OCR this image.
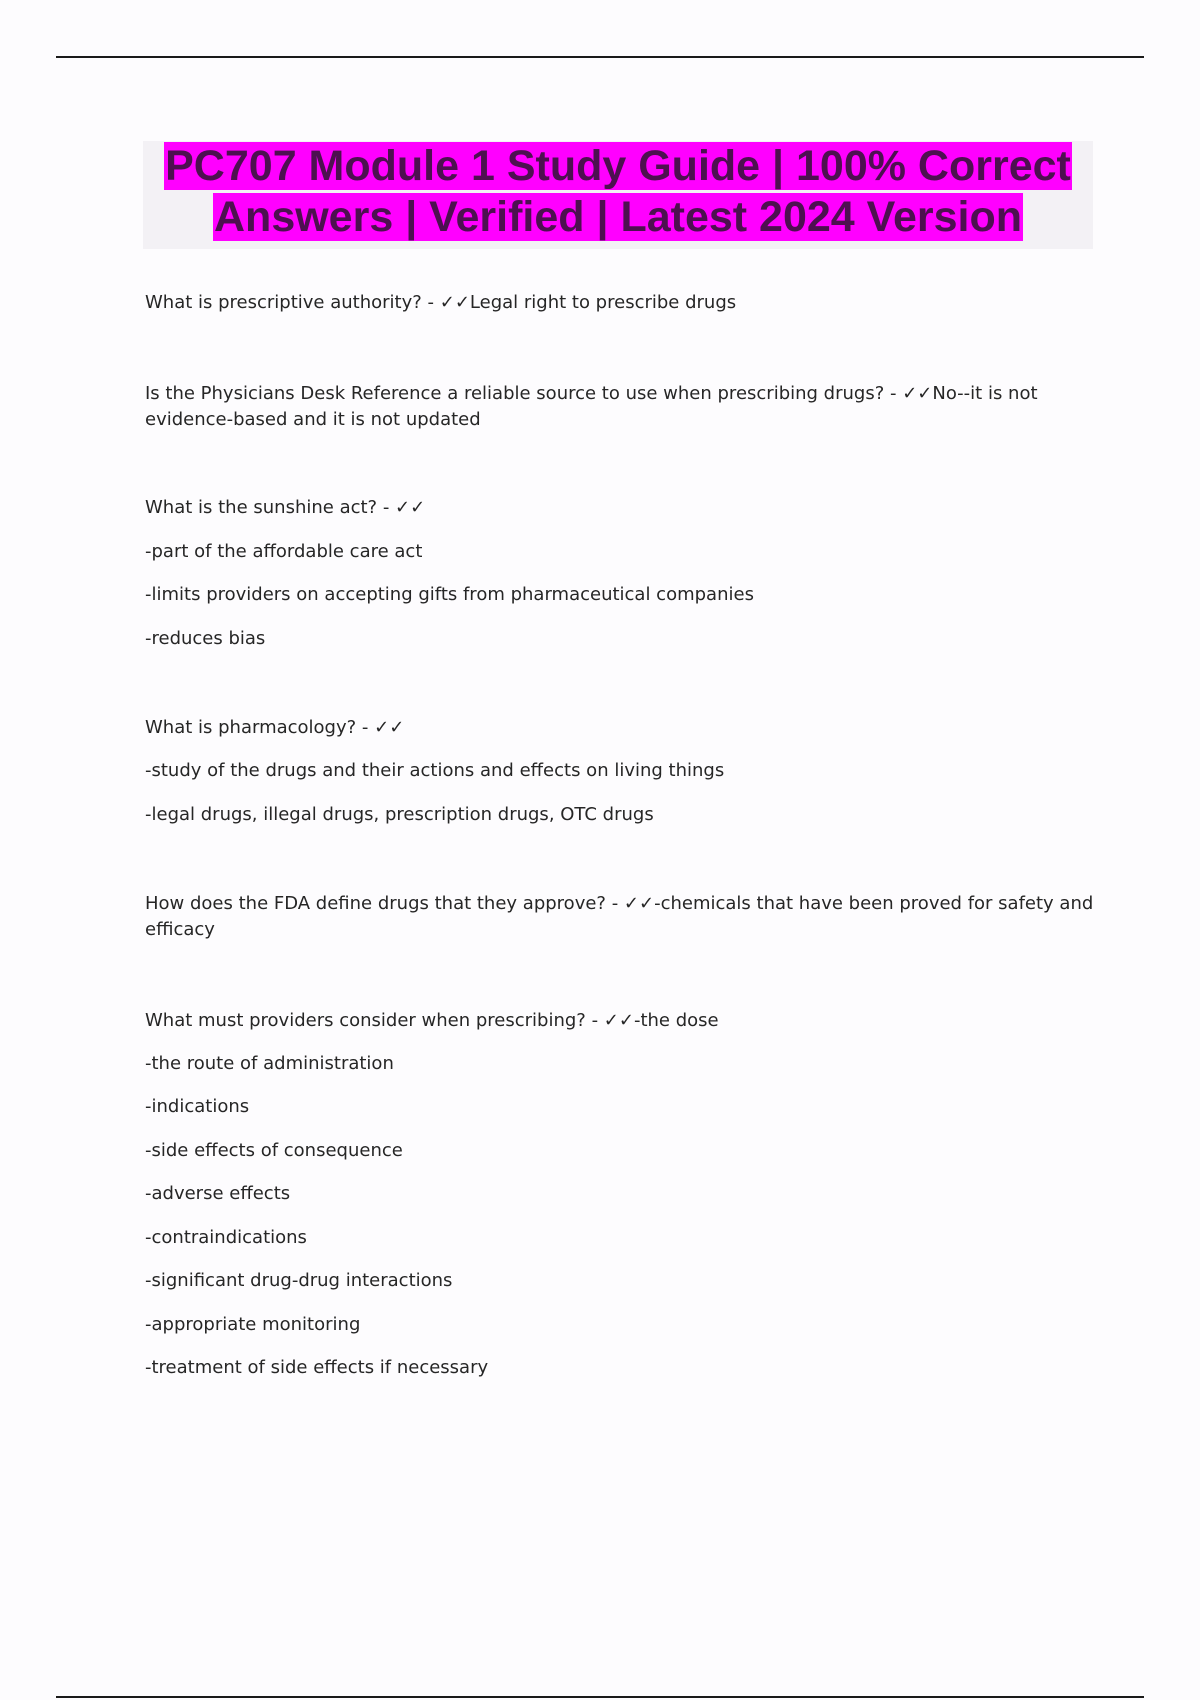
PC707 Module 1 Study Guide | 100% Correct
Answers | Verified | Latest 2024 Version
What is prescriptive authority? - ✓✓Legal right to prescribe drugs
Is the Physicians Desk Reference a reliable source to use when prescribing drugs? - ✓✓No--it is not evidence-based and it is not updated
What is the sunshine act? - ✓✓
-part of the affordable care act
-limits providers on accepting gifts from pharmaceutical companies
-reduces bias
What is pharmacology? - ✓✓
-study of the drugs and their actions and effects on living things
-legal drugs, illegal drugs, prescription drugs, OTC drugs
How does the FDA define drugs that they approve? - ✓✓-chemicals that have been proved for safety and efficacy
What must providers consider when prescribing? - ✓✓-the dose
-the route of administration
-indications
-side effects of consequence
-adverse effects
-contraindications
-significant drug-drug interactions
-appropriate monitoring
-treatment of side effects if necessary
